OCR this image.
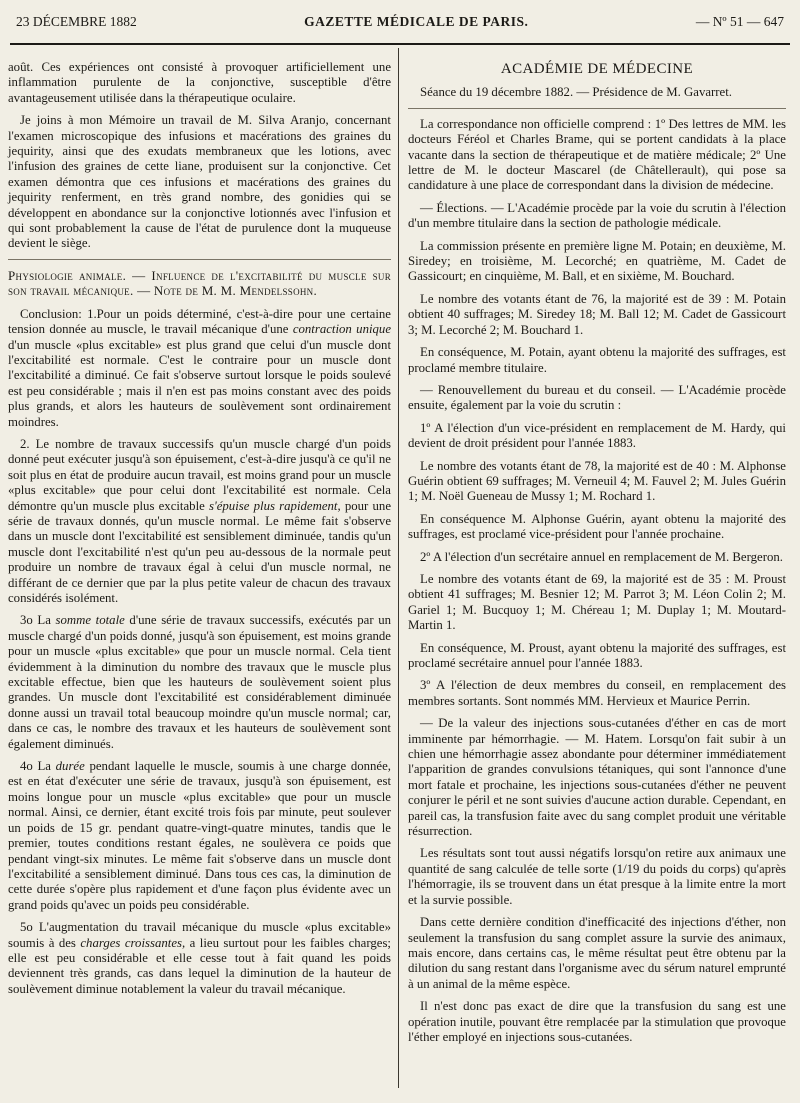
23 DÉCEMBRE 1882	GAZETTE MÉDICALE DE PARIS.	— Nº 51 — 647

août. Ces expériences ont consisté à provoquer artificiellement une inflammation purulente de la conjonctive, susceptible d'être avantageusement utilisée dans la thérapeutique oculaire.

Je joins à mon Mémoire un travail de M. Silva Aranjo, concernant l'examen microscopique des infusions et macérations des graines du jequirity, ainsi que des exudats membraneux que les lotions, avec l'infusion des graines de cette liane, produisent sur la conjonctive. Cet examen démontra que ces infusions et macérations des graines du jequirity renferment, en très grand nombre, des gonidies qui se développent en abondance sur la conjonctive lotionnés avec l'infusion et qui sont probablement la cause de l'état de purulence dont la muqueuse devient le siège.

Physiologie animale. — Influence de l'excitabilité du muscle sur son travail mécanique. — Note de M. M. Mendelssohn.

Conclusion: 1.Pour un poids déterminé, c'est-à-dire pour une certaine tension donnée au muscle, le travail mécanique d'une contraction unique d'un muscle «plus excitable» est plus grand que celui d'un muscle dont l'excitabilité est normale. C'est le contraire pour un muscle dont l'excitabilité a diminué. Ce fait s'observe surtout lorsque le poids soulevé est peu considérable ; mais il n'en est pas moins constant avec des poids plus grands, et alors les hauteurs de soulèvement sont ordinairement moindres.

2. Le nombre de travaux successifs qu'un muscle chargé d'un poids donné peut exécuter jusqu'à son épuisement, c'est-à-dire jusqu'à ce qu'il ne soit plus en état de produire aucun travail, est moins grand pour un muscle «plus excitable» que pour celui dont l'excitabilité est normale. Cela démontre qu'un muscle plus excitable s'épuise plus rapidement, pour une série de travaux donnés, qu'un muscle normal. Le même fait s'observe dans un muscle dont l'excitabilité est sensiblement diminuée, tandis qu'un muscle dont l'excitabilité n'est qu'un peu au-dessous de la normale peut produire un nombre de travaux égal à celui d'un muscle normal, ne différant de ce dernier que par la plus petite valeur de chacun des travaux considérés isolément.

3o La somme totale d'une série de travaux successifs, exécutés par un muscle chargé d'un poids donné, jusqu'à son épuisement, est moins grande pour un muscle «plus excitable» que pour un muscle normal. Cela tient évidemment à la diminution du nombre des travaux que le muscle plus excitable effectue, bien que les hauteurs de soulèvement soient plus grandes. Un muscle dont l'excitabilité est considérablement diminuée donne aussi un travail total beaucoup moindre qu'un muscle normal; car, dans ce cas, le nombre des travaux et les hauteurs de soulèvement sont également diminués.

4o La durée pendant laquelle le muscle, soumis à une charge donnée, est en état d'exécuter une série de travaux, jusqu'à son épuisement, est moins longue pour un muscle «plus excitable» que pour un muscle normal. Ainsi, ce dernier, étant excité trois fois par minute, peut soulever un poids de 15 gr. pendant quatre-vingt-quatre minutes, tandis que le premier, toutes conditions restant égales, ne soulèvera ce poids que pendant vingt-six minutes. Le même fait s'observe dans un muscle dont l'excitabilité a sensiblement diminué. Dans tous ces cas, la diminution de cette durée s'opère plus rapidement et d'une façon plus évidente avec un grand poids qu'avec un poids peu considérable.

5o L'augmentation du travail mécanique du muscle «plus excitable» soumis à des charges croissantes, a lieu surtout pour les faibles charges; elle est peu considérable et elle cesse tout à fait quand les poids deviennent très grands, cas dans lequel la diminution de la hauteur de soulèvement diminue notablement la valeur du travail mécanique.

ACADÉMIE DE MÉDECINE

Séance du 19 décembre 1882. — Présidence de M. Gavarret.

La correspondance non officielle comprend : 1º Des lettres de MM. les docteurs Féréol et Charles Brame, qui se portent candidats à la place vacante dans la section de thérapeutique et de matière médicale; 2º Une lettre de M. le docteur Mascarel (de Châtellerault), qui pose sa candidature à une place de correspondant dans la division de médecine.

— Élections. — L'Académie procède par la voie du scrutin à l'élection d'un membre titulaire dans la section de pathologie médicale.

La commission présente en première ligne M. Potain; en deuxième, M. Siredey; en troisième, M. Lecorché; en quatrième, M. Cadet de Gassicourt; en cinquième, M. Ball, et en sixième, M. Bouchard.

Le nombre des votants étant de 76, la majorité est de 39 : M. Potain obtient 40 suffrages; M. Siredey 18; M. Ball 12; M. Cadet de Gassicourt 3; M. Lecorché 2; M. Bouchard 1.

En conséquence, M. Potain, ayant obtenu la majorité des suffrages, est proclamé membre titulaire.

— Renouvellement du bureau et du conseil. — L'Académie procède ensuite, également par la voie du scrutin :

1º A l'élection d'un vice-président en remplacement de M. Hardy, qui devient de droit président pour l'année 1883.

Le nombre des votants étant de 78, la majorité est de 40 : M. Alphonse Guérin obtient 69 suffrages; M. Verneuil 4; M. Fauvel 2; M. Jules Guérin 1; M. Noël Gueneau de Mussy 1; M. Rochard 1.

En conséquence M. Alphonse Guérin, ayant obtenu la majorité des suffrages, est proclamé vice-président pour l'année prochaine.

2º A l'élection d'un secrétaire annuel en remplacement de M. Bergeron.

Le nombre des votants étant de 69, la majorité est de 35 : M. Proust obtient 41 suffrages; M. Besnier 12; M. Parrot 3; M. Léon Colin 2; M. Gariel 1; M. Bucquoy 1; M. Chéreau 1; M. Duplay 1; M. Moutard-Martin 1.

En conséquence, M. Proust, ayant obtenu la majorité des suffrages, est proclamé secrétaire annuel pour l'année 1883.

3º A l'élection de deux membres du conseil, en remplacement des membres sortants. Sont nommés MM. Hervieux et Maurice Perrin.

— De la valeur des injections sous-cutanées d'éther en cas de mort imminente par hémorrhagie. — M. Hatem. Lorsqu'on fait subir à un chien une hémorrhagie assez abondante pour déterminer immédiatement l'apparition de grandes convulsions tétaniques, qui sont l'annonce d'une mort fatale et prochaine, les injections sous-cutanées d'éther ne peuvent conjurer le péril et ne sont suivies d'aucune action durable. Cependant, en pareil cas, la transfusion faite avec du sang complet produit une véritable résurrection.

Les résultats sont tout aussi négatifs lorsqu'on retire aux animaux une quantité de sang calculée de telle sorte (1/19 du poids du corps) qu'après l'hémorragie, ils se trouvent dans un état presque à la limite entre la mort et la survie possible.

Dans cette dernière condition d'inefficacité des injections d'éther, non seulement la transfusion du sang complet assure la survie des animaux, mais encore, dans certains cas, le même résultat peut être obtenu par la dilution du sang restant dans l'organisme avec du sérum naturel emprunté à un animal de la même espèce.

Il n'est donc pas exact de dire que la transfusion du sang est une opération inutile, pouvant être remplacée par la stimulation que provoque l'éther employé en injections sous-cutanées.
